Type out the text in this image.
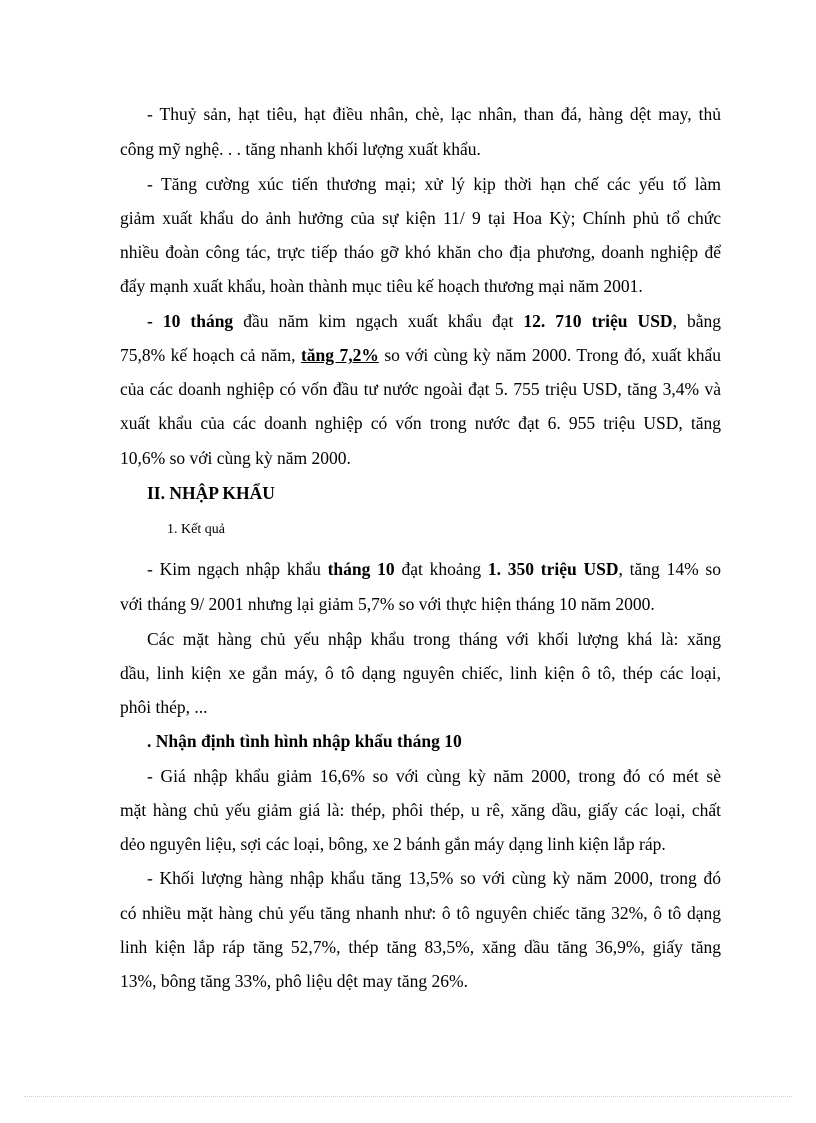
- Thuỷ sản, hạt tiêu, hạt điều nhân, chè, lạc nhân, than đá, hàng dệt may, thủ
công mỹ nghệ. . . tăng nhanh khối lượng xuất khẩu.
- Tăng cường xúc tiến thương mại; xử lý kịp thời hạn chế các yếu tố làm
giảm xuất khẩu do ảnh hưởng của sự kiện 11/ 9 tại Hoa Kỳ; Chính phủ tổ chức
nhiều đoàn công tác, trực tiếp tháo gỡ khó khăn cho địa phương, doanh nghiệp để
đẩy mạnh xuất khẩu, hoàn thành mục tiêu kế hoạch thương mại năm 2001.
- 10 tháng đầu năm kim ngạch xuất khẩu đạt 12. 710 triệu USD, bằng
75,8% kế hoạch cả năm, tăng 7,2% so với cùng kỳ năm 2000. Trong đó, xuất khẩu
của các doanh nghiệp có vốn đầu tư nước ngoài đạt 5. 755 triệu USD, tăng 3,4% và
xuất khẩu của các doanh nghiệp có vốn trong nước đạt 6. 955 triệu USD, tăng
10,6% so với cùng kỳ năm 2000.
II. NHẬP KHẨU
1. Kết quả
- Kim ngạch nhập khẩu tháng 10 đạt khoảng 1. 350 triệu USD, tăng 14% so
với tháng 9/ 2001 nhưng lại giảm 5,7% so với thực hiện tháng 10 năm 2000.
Các mặt hàng chủ yếu nhập khẩu trong tháng với khối lượng khá là: xăng
dầu, linh kiện xe gắn máy, ô tô dạng nguyên chiếc, linh kiện ô tô, thép các loại,
phôi thép, ...
. Nhận định tình hình nhập khẩu tháng 10
- Giá nhập khẩu giảm 16,6% so với cùng kỳ năm 2000, trong đó có mét sè
mặt hàng chủ yếu giảm giá là: thép, phôi thép, u rê, xăng dầu, giấy các loại, chất
dẻo nguyên liệu, sợi các loại, bông, xe 2 bánh gắn máy dạng linh kiện lắp ráp.
- Khối lượng hàng nhập khẩu tăng 13,5% so với cùng kỳ năm 2000, trong đó
có nhiều mặt hàng chủ yếu tăng nhanh như: ô tô nguyên chiếc tăng 32%, ô tô dạng
linh kiện lắp ráp tăng 52,7%, thép tăng 83,5%, xăng dầu tăng 36,9%, giấy tăng
13%, bông tăng 33%, phô liệu dệt may tăng 26%.
